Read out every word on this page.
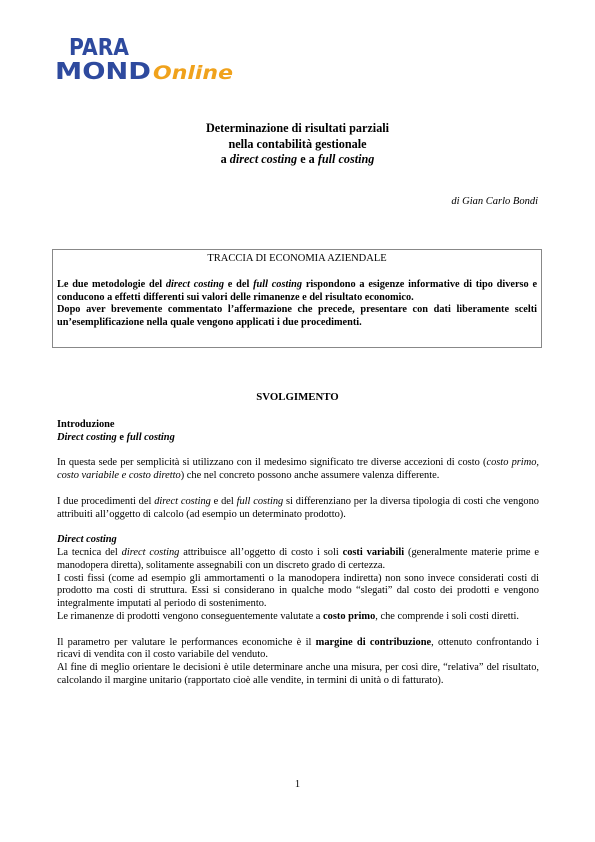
PARA
MOND Online
Determinazione di risultati parziali
nella contabilità gestionale
a direct costing e a full costing
di Gian Carlo Bondi
TRACCIA DI ECONOMIA AZIENDALE

Le due metodologie del direct costing e del full costing rispondono a esigenze informative di tipo diverso e conducono a effetti differenti sui valori delle rimanenze e del risultato economico.

Dopo aver brevemente commentato l’affermazione che precede, presentare con dati liberamente scelti un’esemplificazione nella quale vengono applicati i due procedimenti.

SVOLGIMENTO

Introduzione

Direct costing e full costing

In questa sede per semplicità si utilizzano con il medesimo significato tre diverse accezioni di costo (costo primo, costo variabile e costo diretto) che nel concreto possono anche assumere valenza differente.

I due procedimenti del direct costing e del full costing si differenziano per la diversa tipologia di costi che vengono attribuiti all’oggetto di calcolo (ad esempio un determinato prodotto).

Direct costing

La tecnica del direct costing attribuisce all’oggetto di costo i soli costi variabili (generalmente materie prime e manodopera diretta), solitamente assegnabili con un discreto grado di certezza.

I costi fissi (come ad esempio gli ammortamenti o la manodopera indiretta) non sono invece considerati costi di prodotto ma costi di struttura. Essi si considerano in qualche modo “slegati” dal costo dei prodotti e vengono integralmente imputati al periodo di sostenimento.

Le rimanenze di prodotti vengono conseguentemente valutate a costo primo, che comprende i soli costi diretti.

Il parametro per valutare le performances economiche è il margine di contribuzione, ottenuto confrontando i ricavi di vendita con il costo variabile del venduto.

Al fine di meglio orientare le decisioni è utile determinare anche una misura, per così dire, “relativa” del risultato, calcolando il margine unitario (rapportato cioè alle vendite, in termini di unità o di fatturato).

1
